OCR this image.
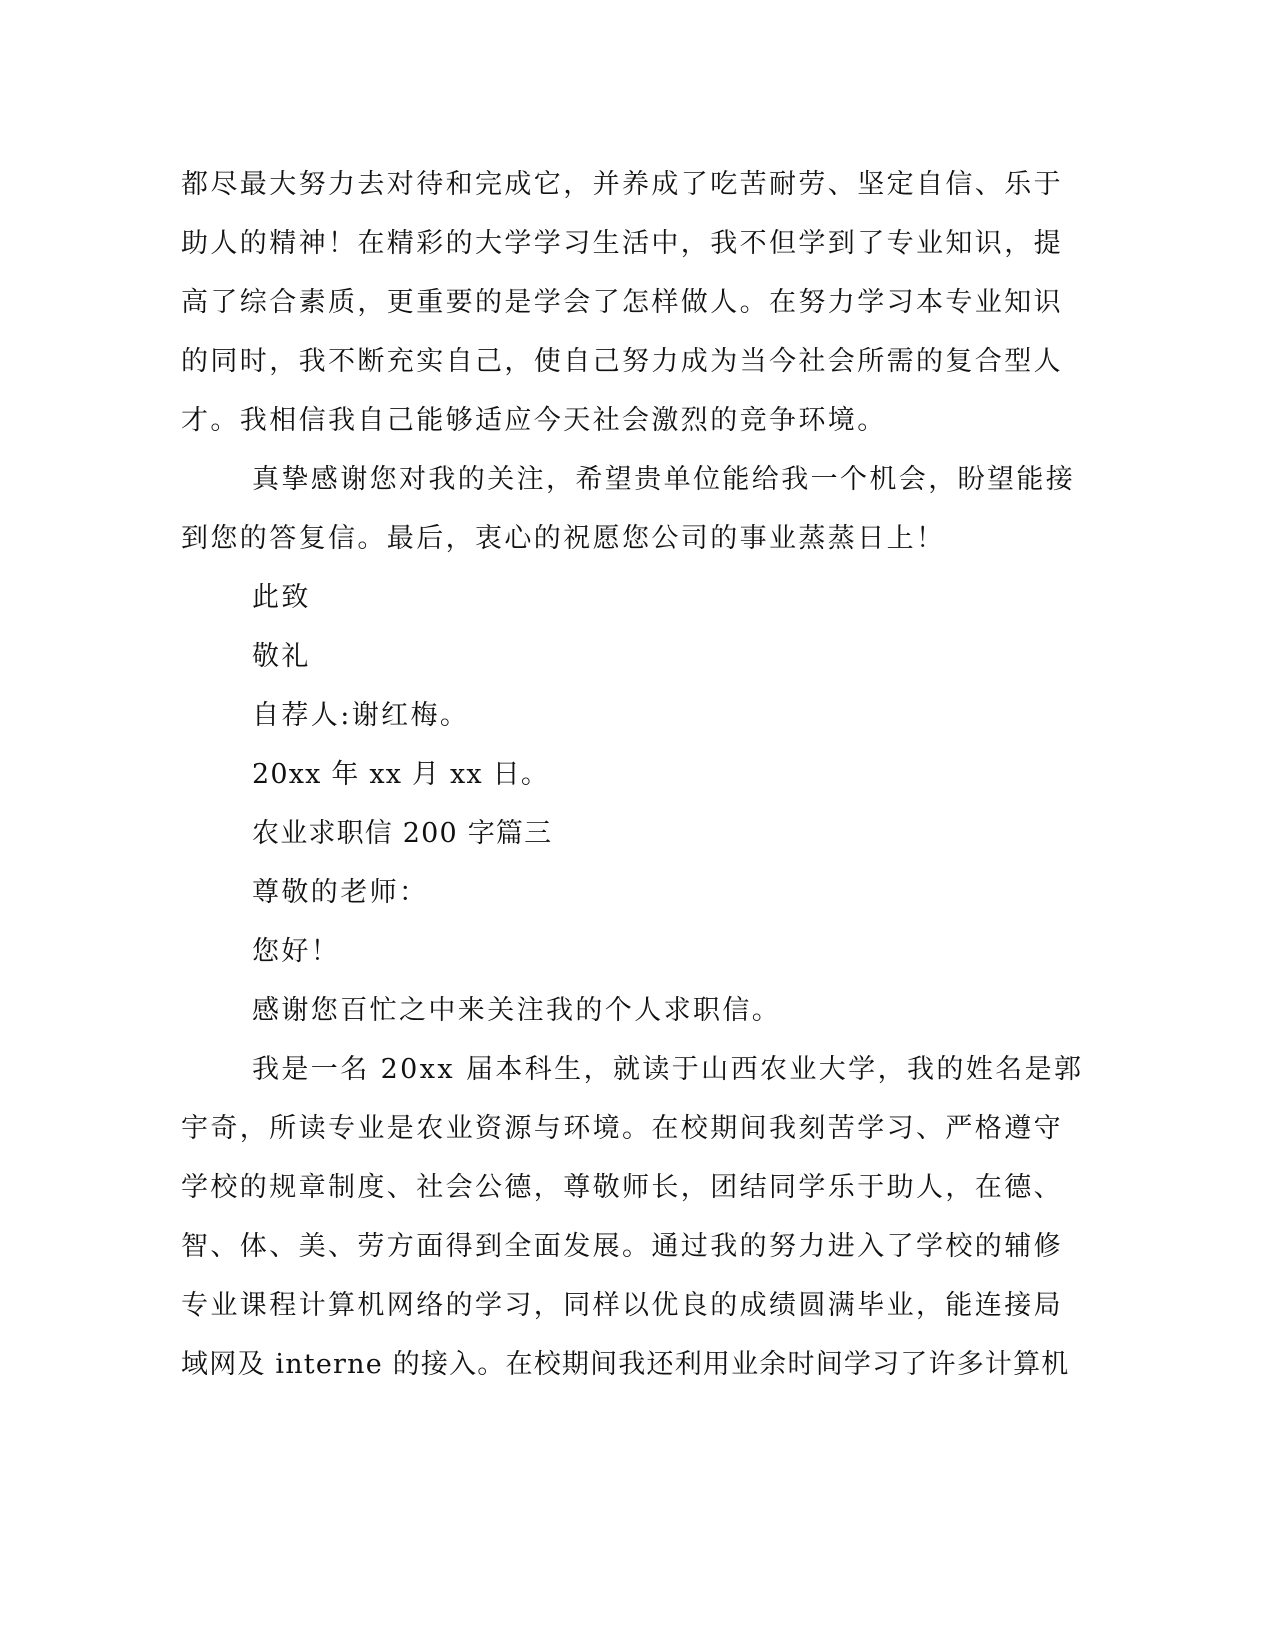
都尽最大努力去对待和完成它，并养成了吃苦耐劳、坚定自信、乐于
助人的精神！在精彩的大学学习生活中，我不但学到了专业知识，提
高了综合素质，更重要的是学会了怎样做人。在努力学习本专业知识
的同时，我不断充实自己，使自己努力成为当今社会所需的复合型人
才。我相信我自己能够适应今天社会激烈的竞争环境。
真挚感谢您对我的关注，希望贵单位能给我一个机会，盼望能接
到您的答复信。最后，衷心的祝愿您公司的事业蒸蒸日上！
此致
敬礼
自荐人:谢红梅。
20xx 年 xx 月 xx 日。
农业求职信 200 字篇三
尊敬的老师：
您好！
感谢您百忙之中来关注我的个人求职信。
我是一名 20xx 届本科生，就读于山西农业大学，我的姓名是郭
宇奇，所读专业是农业资源与环境。在校期间我刻苦学习、严格遵守
学校的规章制度、社会公德，尊敬师长，团结同学乐于助人，在德、
智、体、美、劳方面得到全面发展。通过我的努力进入了学校的辅修
专业课程计算机网络的学习，同样以优良的成绩圆满毕业，能连接局
域网及 interne 的接入。在校期间我还利用业余时间学习了许多计算机
